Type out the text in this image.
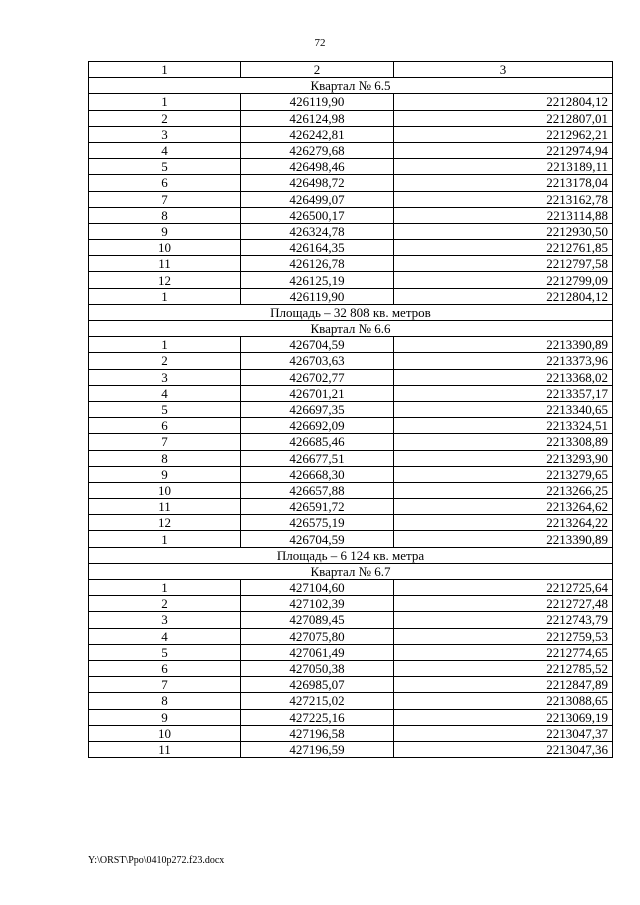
72
1	2	3
Квартал № 6.5		
1	426119,90	2212804,12
2	426124,98	2212807,01
3	426242,81	2212962,21
4	426279,68	2212974,94
5	426498,46	2213189,11
6	426498,72	2213178,04
7	426499,07	2213162,78
8	426500,17	2213114,88
9	426324,78	2212930,50
10	426164,35	2212761,85
11	426126,78	2212797,58
12	426125,19	2212799,09
1	426119,90	2212804,12
Площадь – 32 808 кв. метров		
Квартал № 6.6		
1	426704,59	2213390,89
2	426703,63	2213373,96
3	426702,77	2213368,02
4	426701,21	2213357,17
5	426697,35	2213340,65
6	426692,09	2213324,51
7	426685,46	2213308,89
8	426677,51	2213293,90
9	426668,30	2213279,65
10	426657,88	2213266,25
11	426591,72	2213264,62
12	426575,19	2213264,22
1	426704,59	2213390,89
Площадь – 6 124 кв. метра		
Квартал № 6.7		
1	427104,60	2212725,64
2	427102,39	2212727,48
3	427089,45	2212743,79
4	427075,80	2212759,53
5	427061,49	2212774,65
6	427050,38	2212785,52
7	426985,07	2212847,89
8	427215,02	2213088,65
9	427225,16	2213069,19
10	427196,58	2213047,37
11	427196,59	2213047,36
Y:\ORST\Ppo\0410p272.f23.docx
